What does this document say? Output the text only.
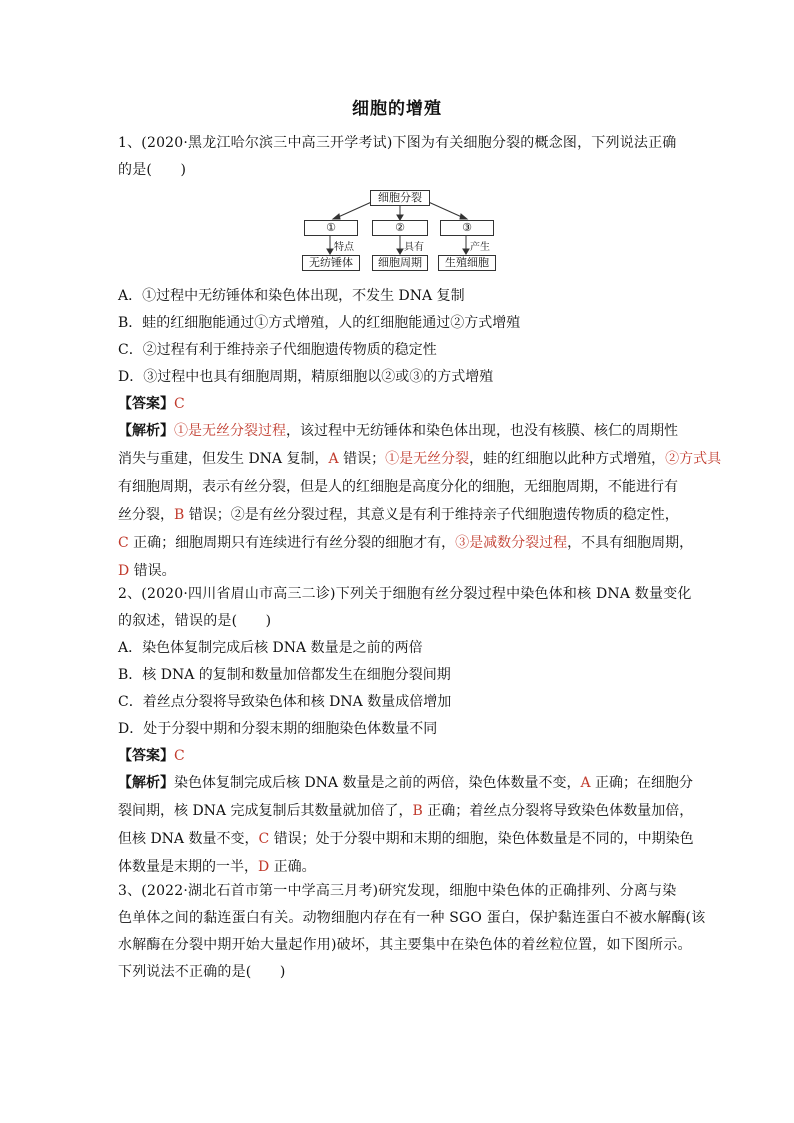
细胞的增殖
1、(2020·黑龙江哈尔滨三中高三开学考试)下图为有关细胞分裂的概念图，下列说法正确
的是(　　)
细胞分裂
①	②	③
特点	具有	产生
无纺锤体	细胞周期	生殖细胞
A．①过程中无纺锤体和染色体出现，不发生 DNA 复制
B．蛙的红细胞能通过①方式增殖，人的红细胞能通过②方式增殖
C．②过程有利于维持亲子代细胞遗传物质的稳定性
D．③过程中也具有细胞周期，精原细胞以②或③的方式增殖
【答案】C
【解析】①是无丝分裂过程，该过程中无纺锤体和染色体出现，也没有核膜、核仁的周期性
消失与重建，但发生 DNA 复制，A 错误；①是无丝分裂，蛙的红细胞以此种方式增殖，②方式具
有细胞周期，表示有丝分裂，但是人的红细胞是高度分化的细胞，无细胞周期，不能进行有
丝分裂，B 错误；②是有丝分裂过程，其意义是有利于维持亲子代细胞遗传物质的稳定性，
C 正确；细胞周期只有连续进行有丝分裂的细胞才有，③是减数分裂过程，不具有细胞周期，
D 错误。
2、(2020·四川省眉山市高三二诊)下列关于细胞有丝分裂过程中染色体和核 DNA 数量变化
的叙述，错误的是(　　)
A．染色体复制完成后核 DNA 数量是之前的两倍
B．核 DNA 的复制和数量加倍都发生在细胞分裂间期
C．着丝点分裂将导致染色体和核 DNA 数量成倍增加
D．处于分裂中期和分裂末期的细胞染色体数量不同
【答案】C
【解析】染色体复制完成后核 DNA 数量是之前的两倍，染色体数量不变，A 正确；在细胞分
裂间期，核 DNA 完成复制后其数量就加倍了，B 正确；着丝点分裂将导致染色体数量加倍，
但核 DNA 数量不变，C 错误；处于分裂中期和末期的细胞，染色体数量是不同的，中期染色
体数量是末期的一半，D 正确。
3、(2022·湖北石首市第一中学高三月考)研究发现，细胞中染色体的正确排列、分离与染
色单体之间的黏连蛋白有关。动物细胞内存在有一种 SGO 蛋白，保护黏连蛋白不被水解酶(该
水解酶在分裂中期开始大量起作用)破坏，其主要集中在染色体的着丝粒位置，如下图所示。
下列说法不正确的是(　　)
